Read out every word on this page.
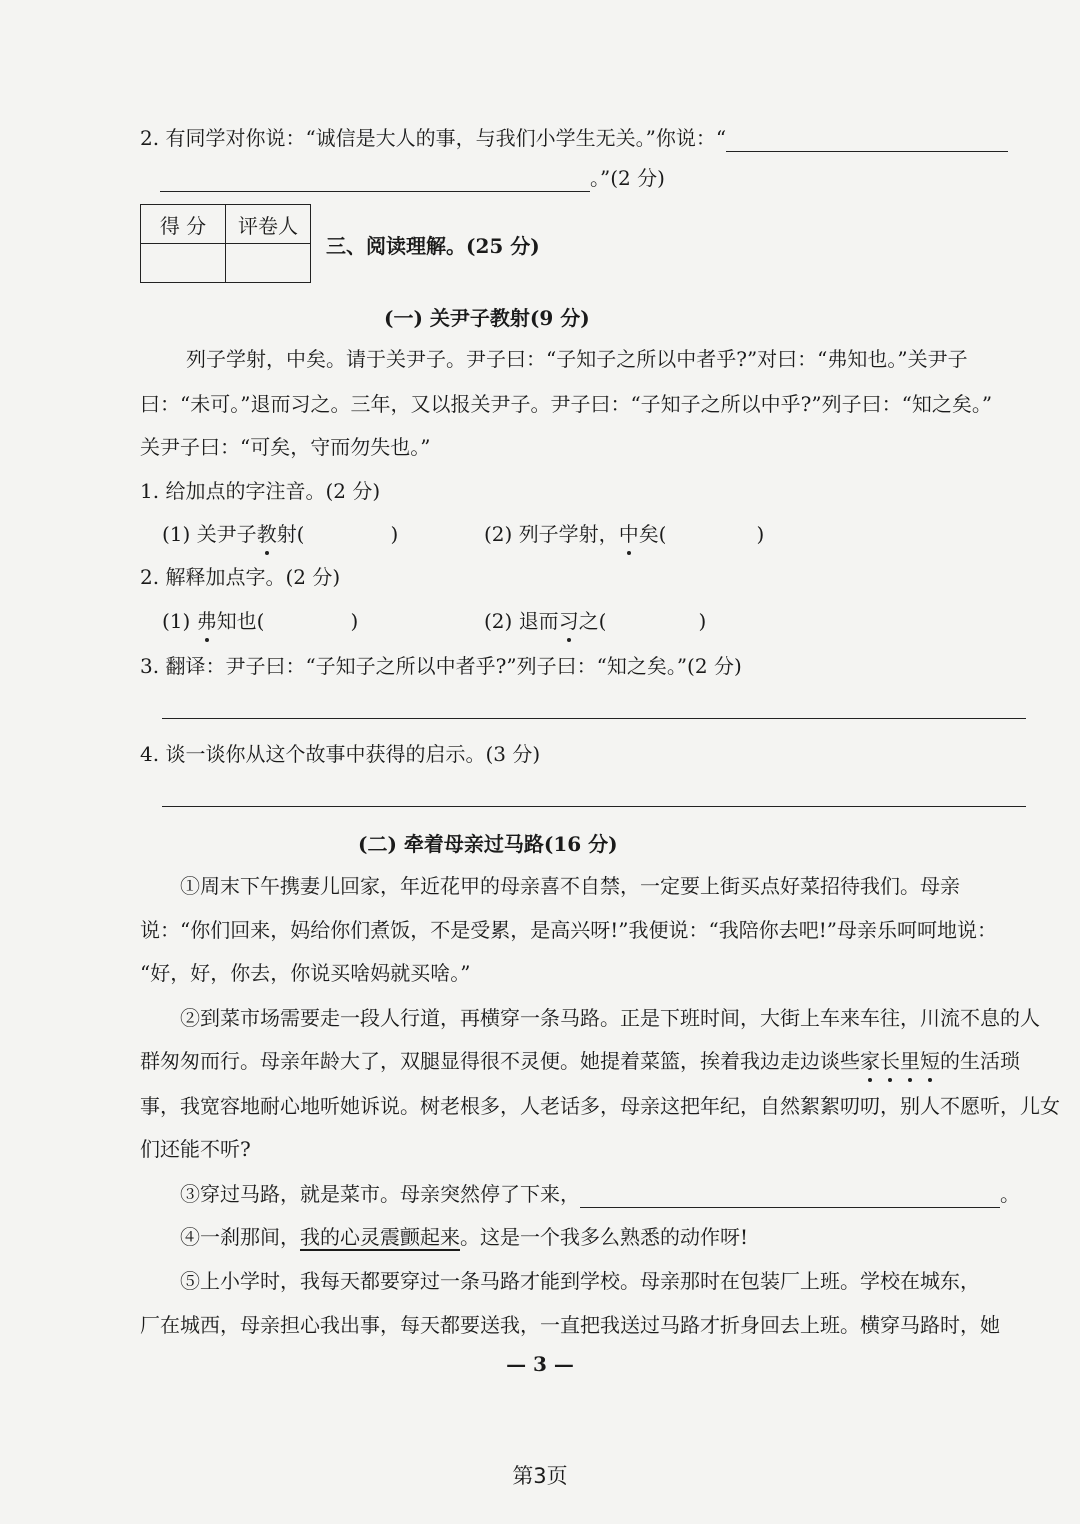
2. 有同学对你说：“诚信是大人的事，与我们小学生无关。”你说：“
。”(2 分)
得 分	评卷人

三、阅读理解。(25 分)
(一) 关尹子教射(9 分)
列子学射，中矣。请于关尹子。尹子曰：“子知子之所以中者乎?”对曰：“弗知也。”关尹子
曰：“未可。”退而习之。三年，又以报关尹子。尹子曰：“子知子之所以中乎?”列子曰：“知之矣。”
关尹子曰：“可矣，守而勿失也。”
1. 给加点的字注音。(2 分)
(1) 关尹子教射(	)	(2) 列子学射，中矣(	)
2. 解释加点字。(2 分)
(1) 弗知也(	)	(2) 退而习之(	)
3. 翻译：尹子曰：“子知子之所以中者乎?”列子曰：“知之矣。”(2 分)
4. 谈一谈你从这个故事中获得的启示。(3 分)
(二) 牵着母亲过马路(16 分)
①周末下午携妻儿回家，年近花甲的母亲喜不自禁，一定要上街买点好菜招待我们。母亲
说：“你们回来，妈给你们煮饭，不是受累，是高兴呀!”我便说：“我陪你去吧!”母亲乐呵呵地说：
“好，好，你去，你说买啥妈就买啥。”
②到菜市场需要走一段人行道，再横穿一条马路。正是下班时间，大街上车来车往，川流不息的人
群匆匆而行。母亲年龄大了，双腿显得很不灵便。她提着菜篮，挨着我边走边谈些家长里短的生活琐
事，我宽容地耐心地听她诉说。树老根多，人老话多，母亲这把年纪，自然絮絮叨叨，别人不愿听，儿女
们还能不听?
③穿过马路，就是菜市。母亲突然停了下来，	。
④一刹那间，我的心灵震颤起来。这是一个我多么熟悉的动作呀!
⑤上小学时，我每天都要穿过一条马路才能到学校。母亲那时在包装厂上班。学校在城东，
厂在城西，母亲担心我出事，每天都要送我，一直把我送过马路才折身回去上班。横穿马路时，她
— 3 —
第3页
